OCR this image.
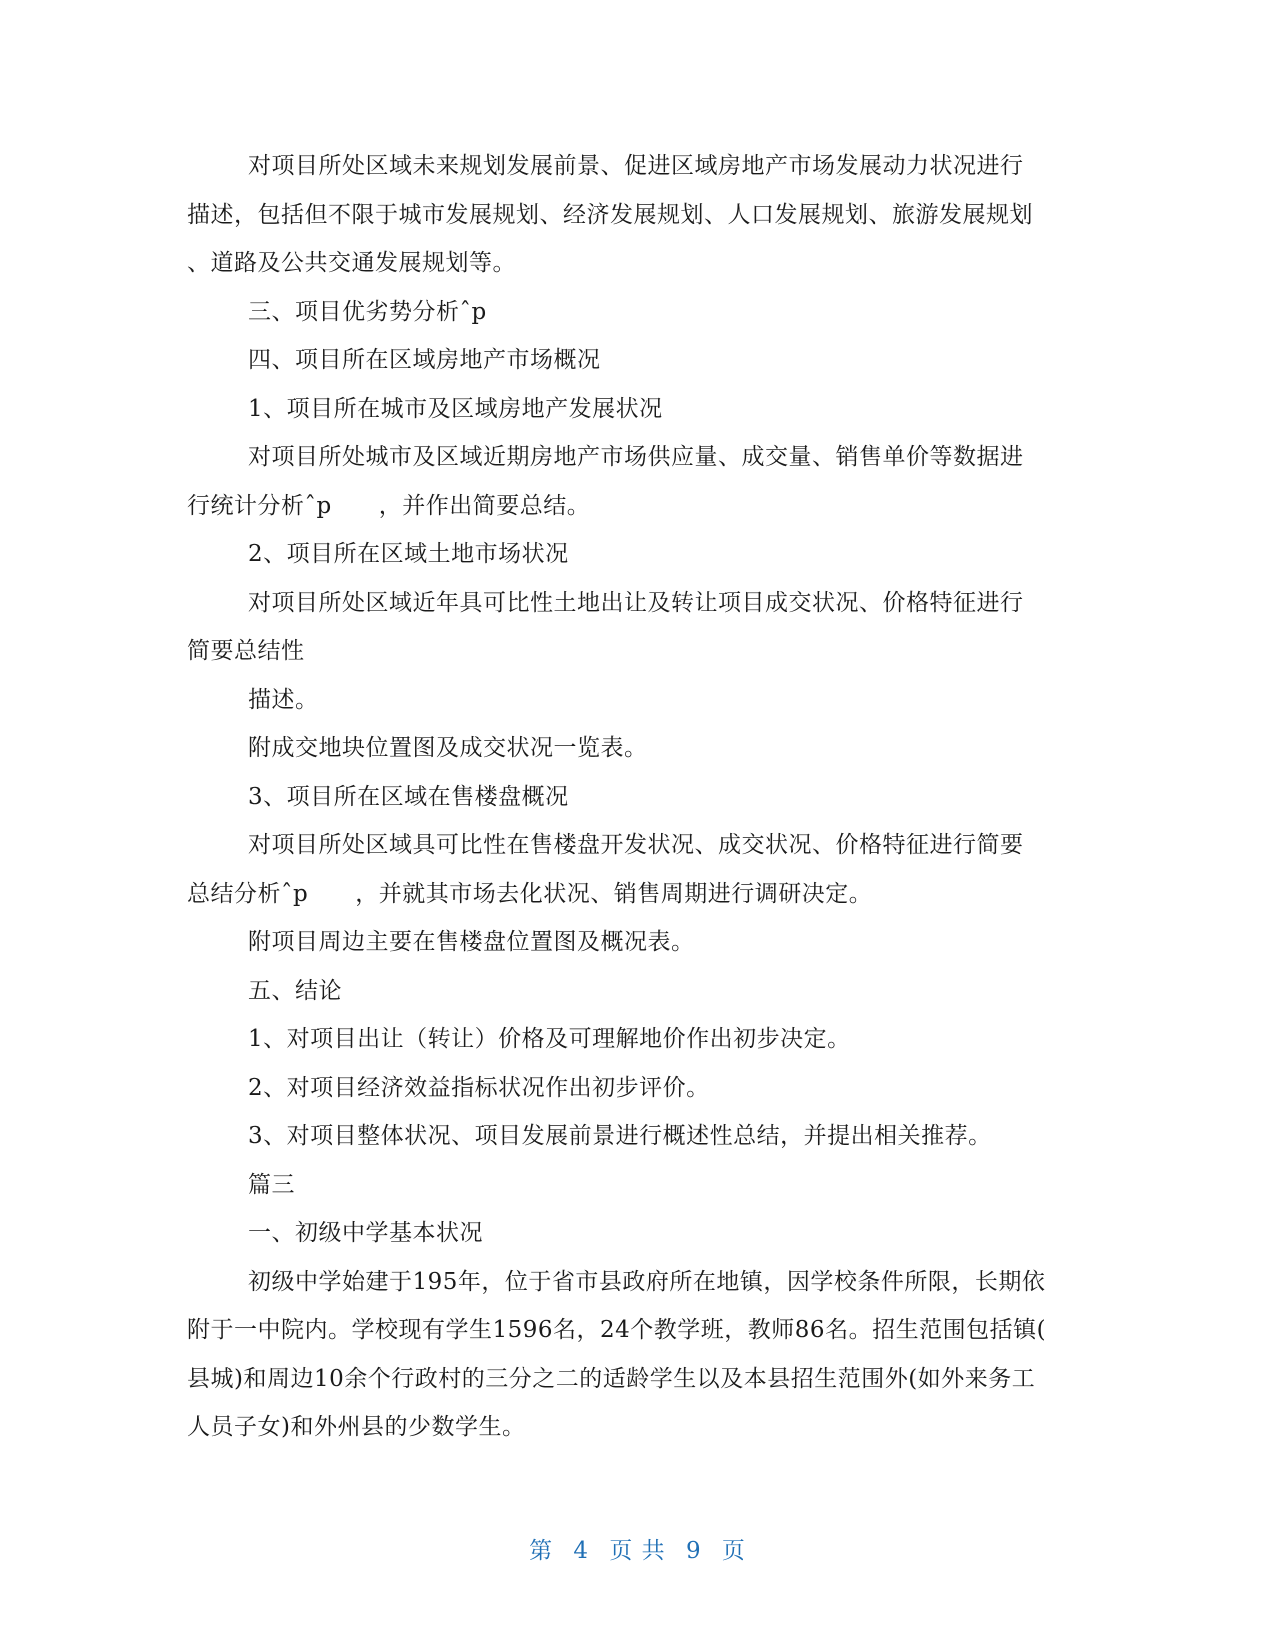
对项目所处区域未来规划发展前景、促进区域房地产市场发展动力状况进行
描述，包括但不限于城市发展规划、经济发展规划、人口发展规划、旅游发展规划
、道路及公共交通发展规划等。
三、项目优劣势分析ˆp
四、项目所在区域房地产市场概况
1、项目所在城市及区域房地产发展状况
对项目所处城市及区域近期房地产市场供应量、成交量、销售单价等数据进
行统计分析ˆp　　，并作出简要总结。
2、项目所在区域土地市场状况
对项目所处区域近年具可比性土地出让及转让项目成交状况、价格特征进行
简要总结性
描述。
附成交地块位置图及成交状况一览表。
3、项目所在区域在售楼盘概况
对项目所处区域具可比性在售楼盘开发状况、成交状况、价格特征进行简要
总结分析ˆp　　，并就其市场去化状况、销售周期进行调研决定。
附项目周边主要在售楼盘位置图及概况表。
五、结论
1、对项目出让（转让）价格及可理解地价作出初步决定。
2、对项目经济效益指标状况作出初步评价。
3、对项目整体状况、项目发展前景进行概述性总结，并提出相关推荐。
篇三
一、初级中学基本状况
初级中学始建于195年，位于省市县政府所在地镇，因学校条件所限，长期依
附于一中院内。学校现有学生1596名，24个教学班，教师86名。招生范围包括镇(
县城)和周边10余个行政村的三分之二的适龄学生以及本县招生范围外(如外来务工
人员子女)和外州县的少数学生。
第 4 页 共 9 页
